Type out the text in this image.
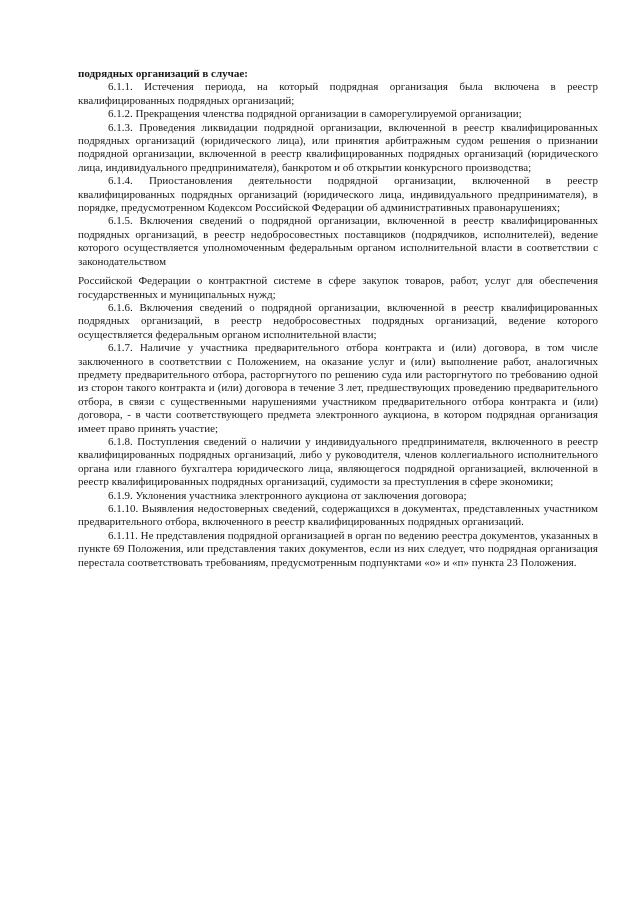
подрядных организаций в случае:

6.1.1. Истечения периода, на который подрядная организация была включена в реестр квалифицированных подрядных организаций;

6.1.2. Прекращения членства подрядной организации в саморегулируемой организации;

6.1.3. Проведения ликвидации подрядной организации, включенной в реестр квалифицированных подрядных организаций (юридического лица), или принятия арбитражным судом решения о признании подрядной организации, включенной в реестр квалифицированных подрядных организаций (юридического лица, индивидуального предпринимателя), банкротом и об открытии конкурсного производства;

6.1.4. Приостановления деятельности подрядной организации, включенной в реестр квалифицированных подрядных организаций (юридического лица, индивидуального предпринимателя), в порядке, предусмотренном Кодексом Российской Федерации об административных правонарушениях;

6.1.5. Включения сведений о подрядной организации, включенной в реестр квалифицированных подрядных организаций, в реестр недобросовестных поставщиков (подрядчиков, исполнителей), ведение которого осуществляется уполномоченным федеральным органом исполнительной власти в соответствии с законодательством

Российской Федерации о контрактной системе в сфере закупок товаров, работ, услуг для обеспечения государственных и муниципальных нужд;

6.1.6. Включения сведений о подрядной организации, включенной в реестр квалифицированных подрядных организаций, в реестр недобросовестных подрядных организаций, ведение которого осуществляется федеральным органом исполнительной власти;

6.1.7. Наличие у участника предварительного отбора контракта и (или) договора, в том числе заключенного в соответствии с Положением, на оказание услуг и (или) выполнение работ, аналогичных предмету предварительного отбора, расторгнутого по решению суда или расторгнутого по требованию одной из сторон такого контракта и (или) договора в течение 3 лет, предшествующих проведению предварительного отбора, в связи с существенными нарушениями участником предварительного отбора контракта и (или) договора, - в части соответствующего предмета электронного аукциона, в котором подрядная организация имеет право принять участие;

6.1.8. Поступления сведений о наличии у индивидуального предпринимателя, включенного в реестр квалифицированных подрядных организаций, либо у руководителя, членов коллегиального исполнительного органа или главного бухгалтера юридического лица, являющегося подрядной организацией, включенной в реестр квалифицированных подрядных организаций, судимости за преступления в сфере экономики;

6.1.9. Уклонения участника электронного аукциона от заключения договора;

6.1.10. Выявления недостоверных сведений, содержащихся в документах, представленных участником предварительного отбора, включенного в реестр квалифицированных подрядных организаций.

6.1.11. Не представления подрядной организацией в орган по ведению реестра документов, указанных в пункте 69 Положения, или представления таких документов, если из них следует, что подрядная организация перестала соответствовать требованиям, предусмотренным подпунктами «о» и «п» пункта 23 Положения.
